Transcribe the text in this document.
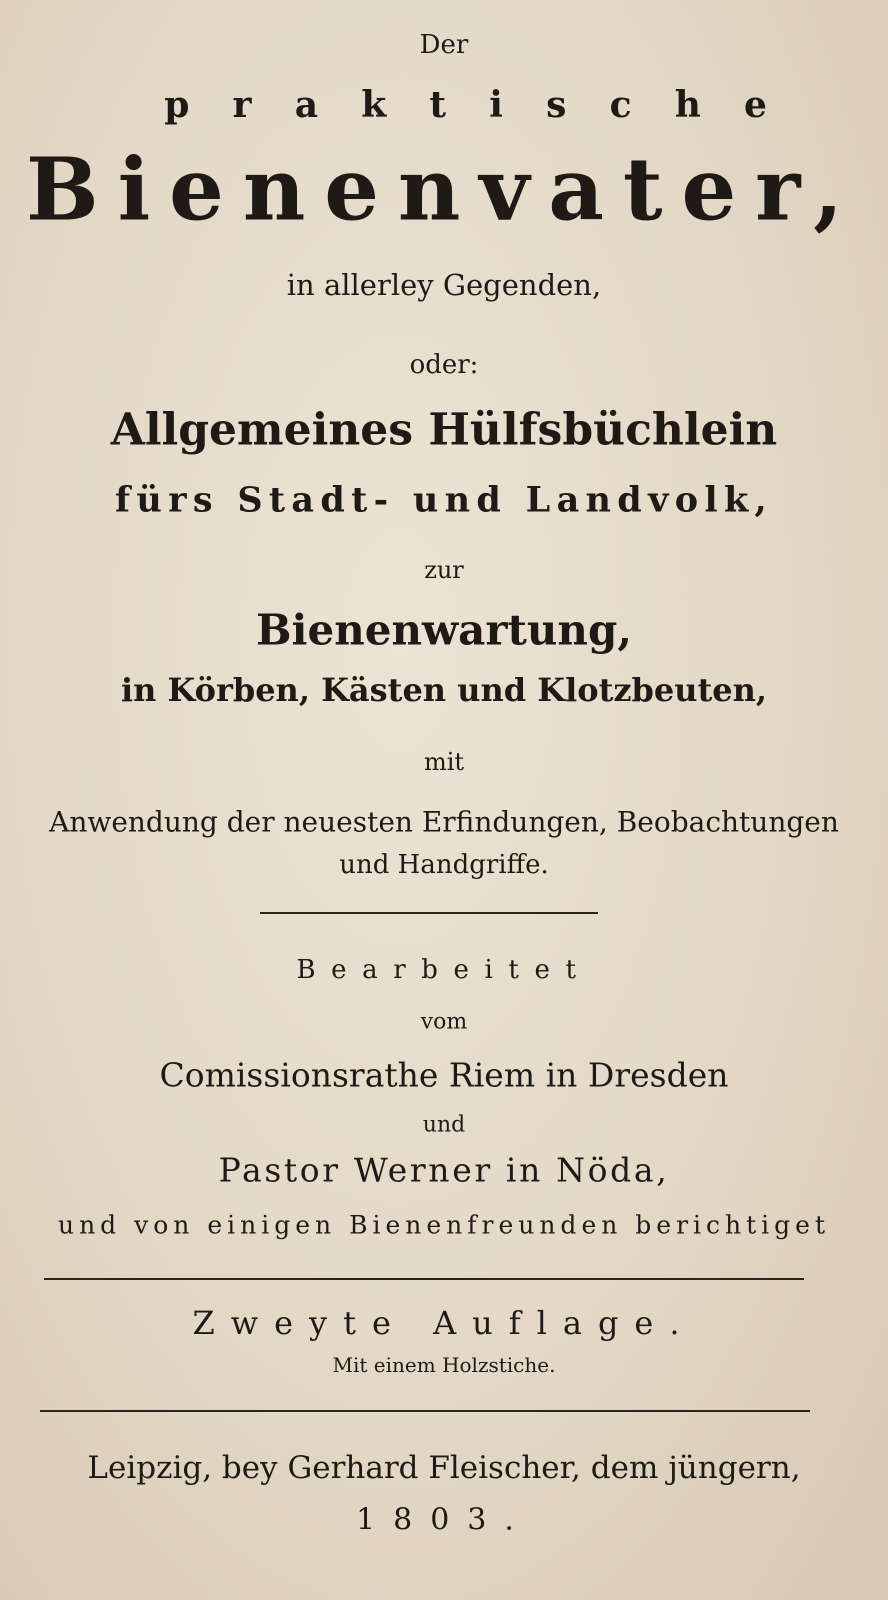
Der
praktische
Bienenvater,
in allerley Gegenden,
oder:
Allgemeines Hülfsbüchlein
fürs Stadt- und Landvolk,
zur
Bienenwartung,
in Körben, Kästen und Klotzbeuten,
mit
Anwendung der neuesten Erfindungen, Beobachtungen
und Handgriffe.
Bearbeitet
vom
Comissionsrathe Riem in Dresden
und
Pastor Werner in Nöda,
und von einigen Bienenfreunden berichtiget
Zweyte Auflage.
Mit einem Holzstiche.
Leipzig, bey Gerhard Fleischer, dem jüngern,
1803.
